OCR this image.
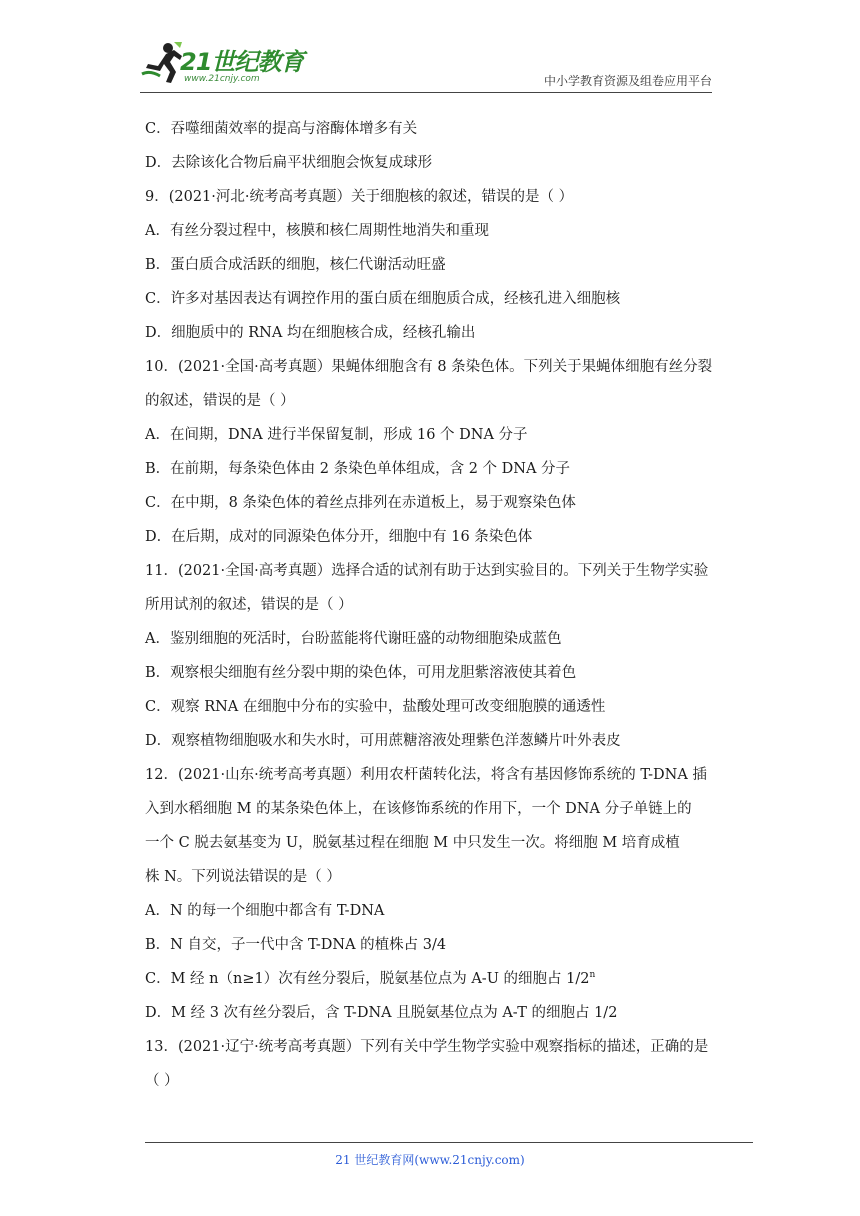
21世纪教育
www.21cnjy.com	中小学教育资源及组卷应用平台
C．吞噬细菌效率的提高与溶酶体增多有关
D．去除该化合物后扁平状细胞会恢复成球形
9．(2021·河北·统考高考真题）关于细胞核的叙述，错误的是（ ）
A．有丝分裂过程中，核膜和核仁周期性地消失和重现
B．蛋白质合成活跃的细胞，核仁代谢活动旺盛
C．许多对基因表达有调控作用的蛋白质在细胞质合成，经核孔进入细胞核
D．细胞质中的 RNA 均在细胞核合成，经核孔输出
10．(2021·全国·高考真题）果蝇体细胞含有 8 条染色体。下列关于果蝇体细胞有丝分裂
的叙述，错误的是（ ）
A．在间期，DNA 进行半保留复制，形成 16 个 DNA 分子
B．在前期，每条染色体由 2 条染色单体组成，含 2 个 DNA 分子
C．在中期，8 条染色体的着丝点排列在赤道板上，易于观察染色体
D．在后期，成对的同源染色体分开，细胞中有 16 条染色体
11．(2021·全国·高考真题）选择合适的试剂有助于达到实验目的。下列关于生物学实验
所用试剂的叙述，错误的是（ ）
A．鉴别细胞的死活时，台盼蓝能将代谢旺盛的动物细胞染成蓝色
B．观察根尖细胞有丝分裂中期的染色体，可用龙胆紫溶液使其着色
C．观察 RNA 在细胞中分布的实验中，盐酸处理可改变细胞膜的通透性
D．观察植物细胞吸水和失水时，可用蔗糖溶液处理紫色洋葱鳞片叶外表皮
12．(2021·山东·统考高考真题）利用农杆菌转化法，将含有基因修饰系统的 T-DNA 插
入到水稻细胞 M 的某条染色体上，在该修饰系统的作用下，一个 DNA 分子单链上的
一个 C 脱去氨基变为 U，脱氨基过程在细胞 M 中只发生一次。将细胞 M 培育成植
株 N。下列说法错误的是（ ）
A．N 的每一个细胞中都含有 T-DNA
B．N 自交，子一代中含 T-DNA 的植株占 3/4
C．M 经 n（n≥1）次有丝分裂后，脱氨基位点为 A-U 的细胞占 1/2$^n$
D．M 经 3 次有丝分裂后，含 T-DNA 且脱氨基位点为 A-T 的细胞占 1/2
13．(2021·辽宁·统考高考真题）下列有关中学生物学实验中观察指标的描述，正确的是
（ ）
21 世纪教育网(www.21cnjy.com)
